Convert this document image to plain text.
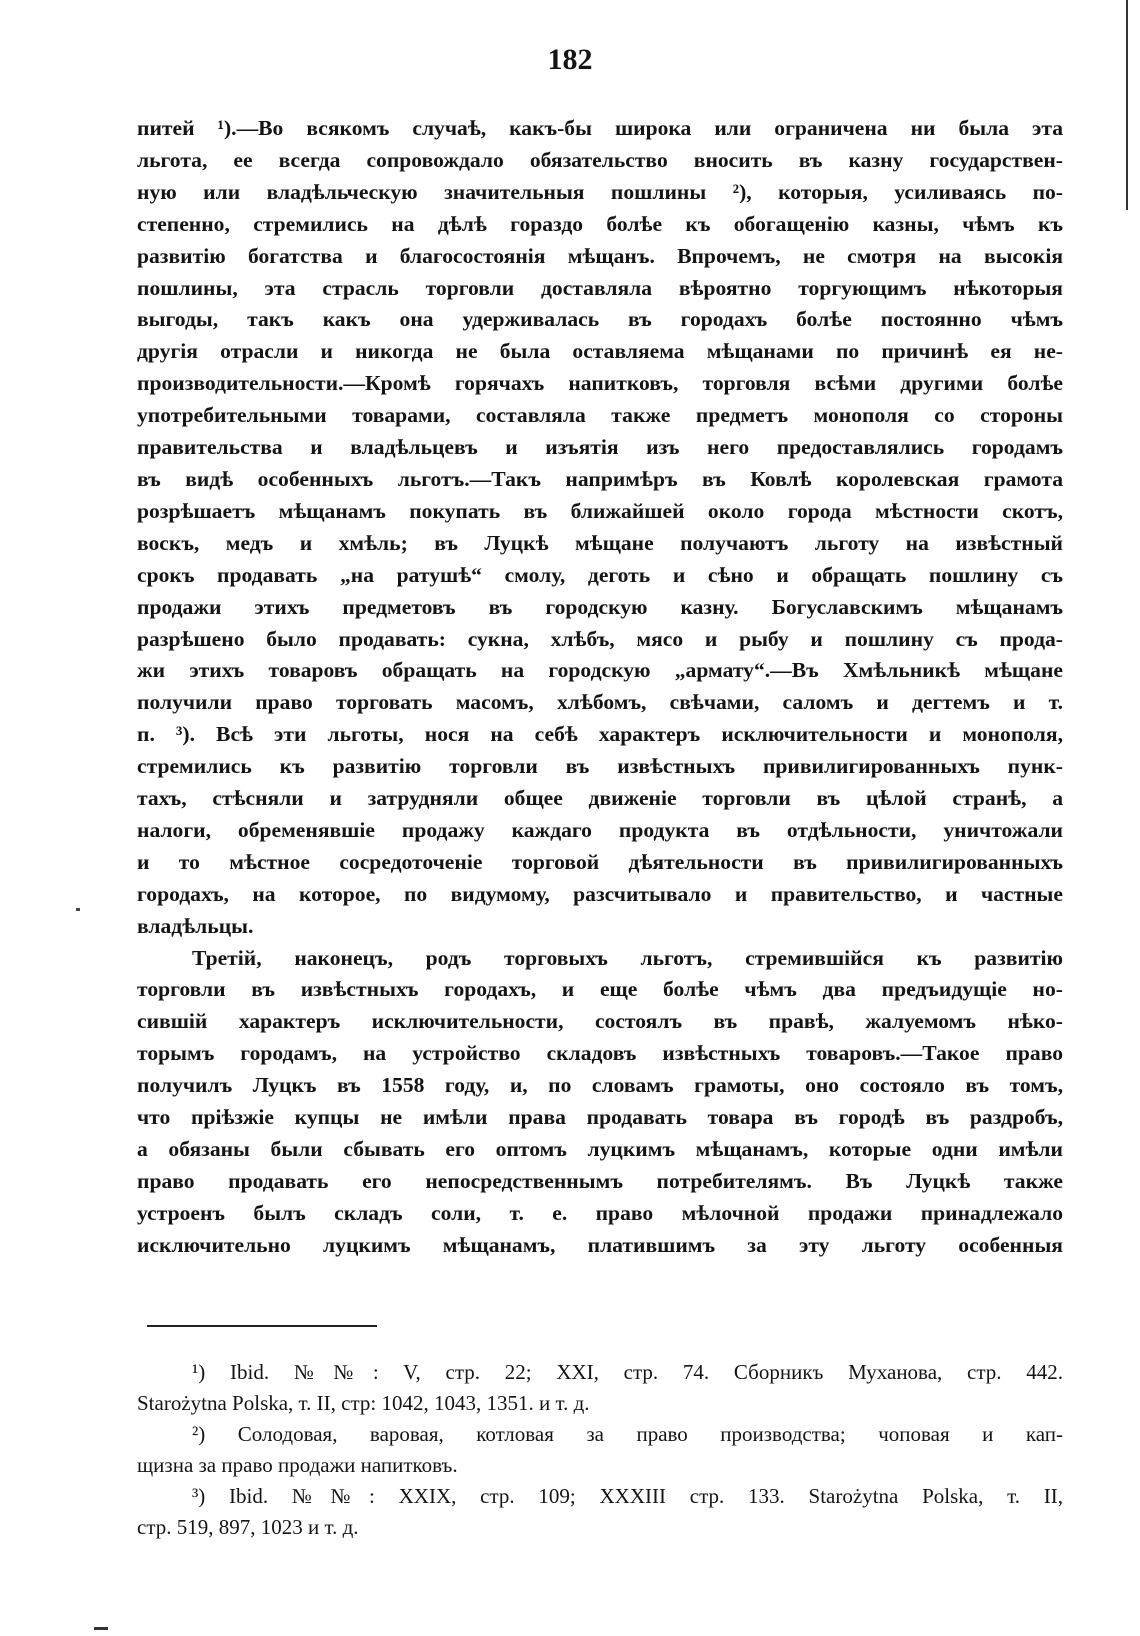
182
питей ¹).—Во всякомъ случаѣ, какъ-бы широка или ограничена ни была эта
льгота, ее всегда сопровождало обязательство вносить въ казну государствен-
ную или владѣльческую значительныя пошлины ²), которыя, усиливаясь по-
степенно, стремились на дѣлѣ гораздо болѣе къ обогащенію казны, чѣмъ къ
развитію богатства и благосостоянія мѣщанъ. Впрочемъ, не смотря на высокія
пошлины, эта страсль торговли доставляла вѣроятно торгующимъ нѣкоторыя
выгоды, такъ какъ она удерживалась въ городахъ болѣе постоянно чѣмъ
другія отрасли и никогда не была оставляема мѣщанами по причинѣ ея не-
производительности.—Кромѣ горячахъ напитковъ, торговля всѣми другими болѣе
употребительными товарами, составляла также предметъ монополя со стороны
правительства и владѣльцевъ и изъятія изъ него предоставлялись городамъ
въ видѣ особенныхъ льготъ.—Такъ напримѣръ въ Ковлѣ королевская грамота
розрѣшаетъ мѣщанамъ покупать въ ближайшей около города мѣстности скотъ,
воскъ, медъ и хмѣль; въ Луцкѣ мѣщане получаютъ льготу на извѣстный
срокъ продавать „на ратушѣ“ смолу, деготь и сѣно и обращать пошлину съ
продажи этихъ предметовъ въ городскую казну. Богуславскимъ мѣщанамъ
разрѣшено было продавать: сукна, хлѣбъ, мясо и рыбу и пошлину съ прода-
жи этихъ товаровъ обращать на городскую „армату“.—Въ Хмѣльникѣ мѣщане
получили право торговать масомъ, хлѣбомъ, свѣчами, саломъ и дегтемъ и т.
п. ³). Всѣ эти льготы, нося на себѣ характеръ исключительности и монополя,
стремились къ развитію торговли въ извѣстныхъ привилигированныхъ пунк-
тахъ, стѣсняли и затрудняли общее движеніе торговли въ цѣлой странѣ, а
налоги, обременявшіе продажу каждаго продукта въ отдѣльности, уничтожали
и то мѣстное сосредоточеніе торговой дѣятельности въ привилигированныхъ
городахъ, на которое, по видумому, разсчитывало и правительство, и частные
владѣльцы.
Третій, наконецъ, родъ торговыхъ льготъ, стремившійся къ развитію
торговли въ извѣстныхъ городахъ, и еще болѣе чѣмъ два предъидущіе но-
сившій характеръ исключительности, состоялъ въ правѣ, жалуемомъ нѣко-
торымъ городамъ, на устройство складовъ извѣстныхъ товаровъ.—Такое право
получилъ Луцкъ въ 1558 году, и, по словамъ грамоты, оно состояло въ томъ,
что пріѣзжіе купцы не имѣли права продавать товара въ городѣ въ раздробъ,
а обязаны были сбывать его оптомъ луцкимъ мѣщанамъ, которые одни имѣли
право продавать его непосредственнымъ потребителямъ. Въ Луцкѣ также
устроенъ былъ складъ соли, т. е. право мѣлочной продажи принадлежало
исключительно луцкимъ мѣщанамъ, платившимъ за эту льготу особенныя
¹) Ibid. №№: V, стр. 22; XXI, стр. 74. Сборникъ Муханова, стр. 442.
Starożytna Polska, т. II, стр: 1042, 1043, 1351. и т. д.
²) Солодовая, варовая, котловая за право производства; чоповая и кап-
щизна за право продажи напитковъ.
³) Ibid. №№: XXIX, стр. 109; XXXIII стр. 133. Starożytna Polska, т. II,
стр. 519, 897, 1023 и т. д.
